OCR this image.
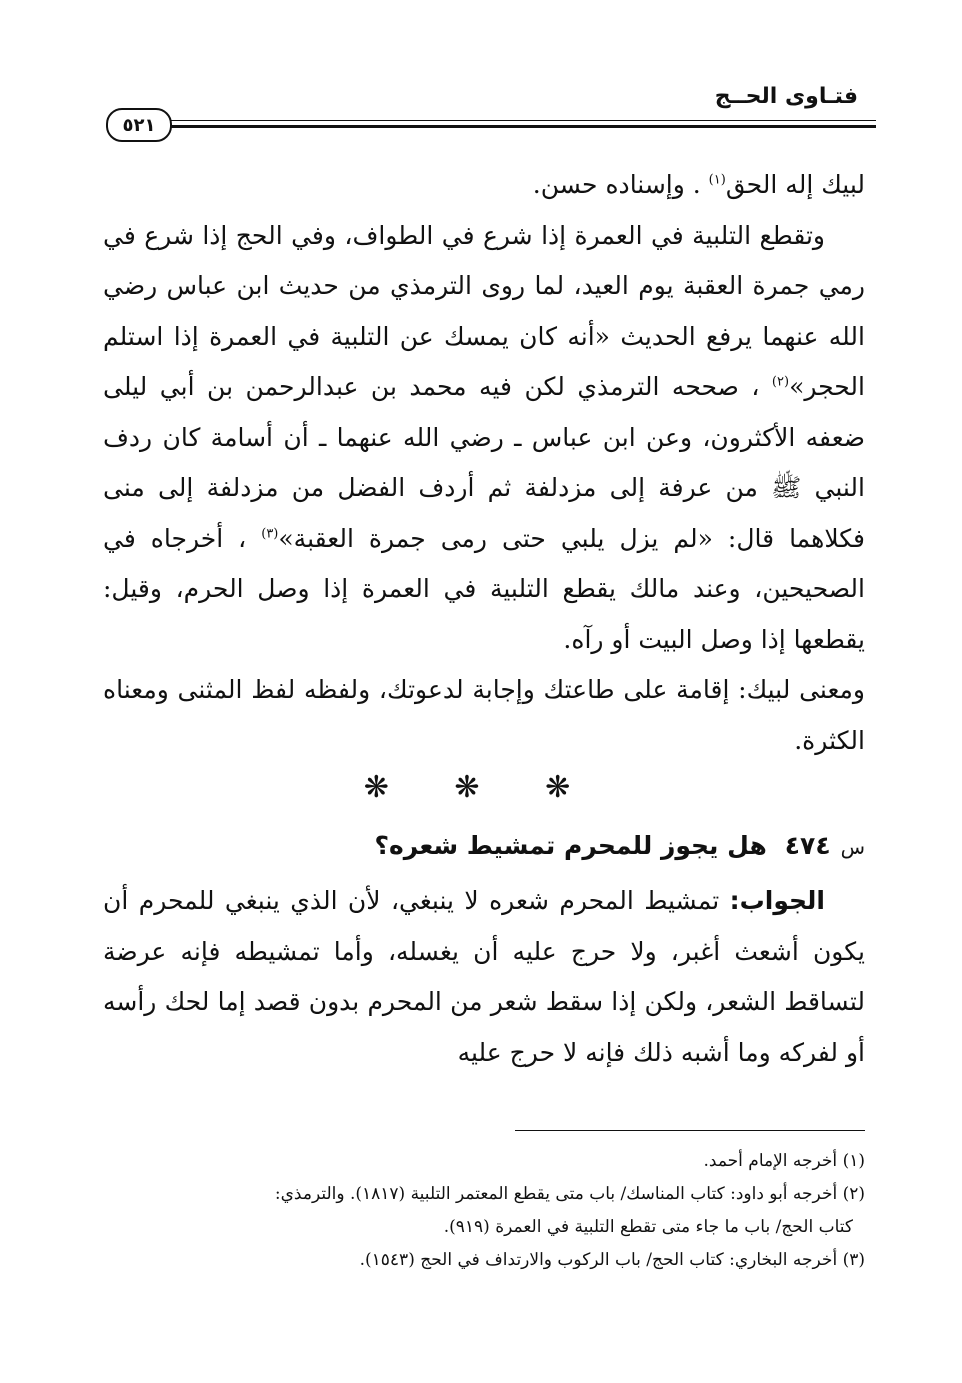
فتـاوى الحــج
٥٢١

لبيك إله الحق$^{(١)}$ . وإسناده حسن.

وتقطع التلبية في العمرة إذا شرع في الطواف، وفي الحج إذا شرع في رمي جمرة العقبة يوم العيد، لما روى الترمذي من حديث ابن عباس رضي الله عنهما يرفع الحديث «أنه كان يمسك عن التلبية في العمرة إذا استلم الحجر»$^{(٢)}$ ، صححه الترمذي لكن فيه محمد بن عبدالرحمن بن أبي ليلى ضعفه الأكثرون، وعن ابن عباس ـ رضي الله عنهما ـ أن أسامة كان ردف النبي ﷺ من عرفة إلى مزدلفة ثم أردف الفضل من مزدلفة إلى منى فكلاهما قال: «لم يزل يلبي حتى رمى جمرة العقبة»$^{(٣)}$ ، أخرجاه في الصحيحين، وعند مالك يقطع التلبية في العمرة إذا وصل الحرم، وقيل: يقطعها إذا وصل البيت أو رآه.

ومعنى لبيك: إقامة على طاعتك وإجابة لدعوتك، ولفظه لفظ المثنى ومعناه الكثرة.

❋ ❋ ❋
س٤٧٤هل يجوز للمحرم تمشيط شعره؟

الجواب: تمشيط المحرم شعره لا ينبغي، لأن الذي ينبغي للمحرم أن يكون أشعث أغبر، ولا حرج عليه أن يغسله، وأما تمشيطه فإنه عرضة لتساقط الشعر، ولكن إذا سقط شعر من المحرم بدون قصد إما لحك رأسه أو لفركه وما أشبه ذلك فإنه لا حرج عليه

(١) أخرجه الإمام أحمد.

(٢) أخرجه أبو داود: كتاب المناسك/ باب متى يقطع المعتمر التلبية (١٨١٧). والترمذي:

كتاب الحج/ باب ما جاء متى تقطع التلبية في العمرة (٩١٩).

(٣) أخرجه البخاري: كتاب الحج/ باب الركوب والارتداف في الحج (١٥٤٣).
